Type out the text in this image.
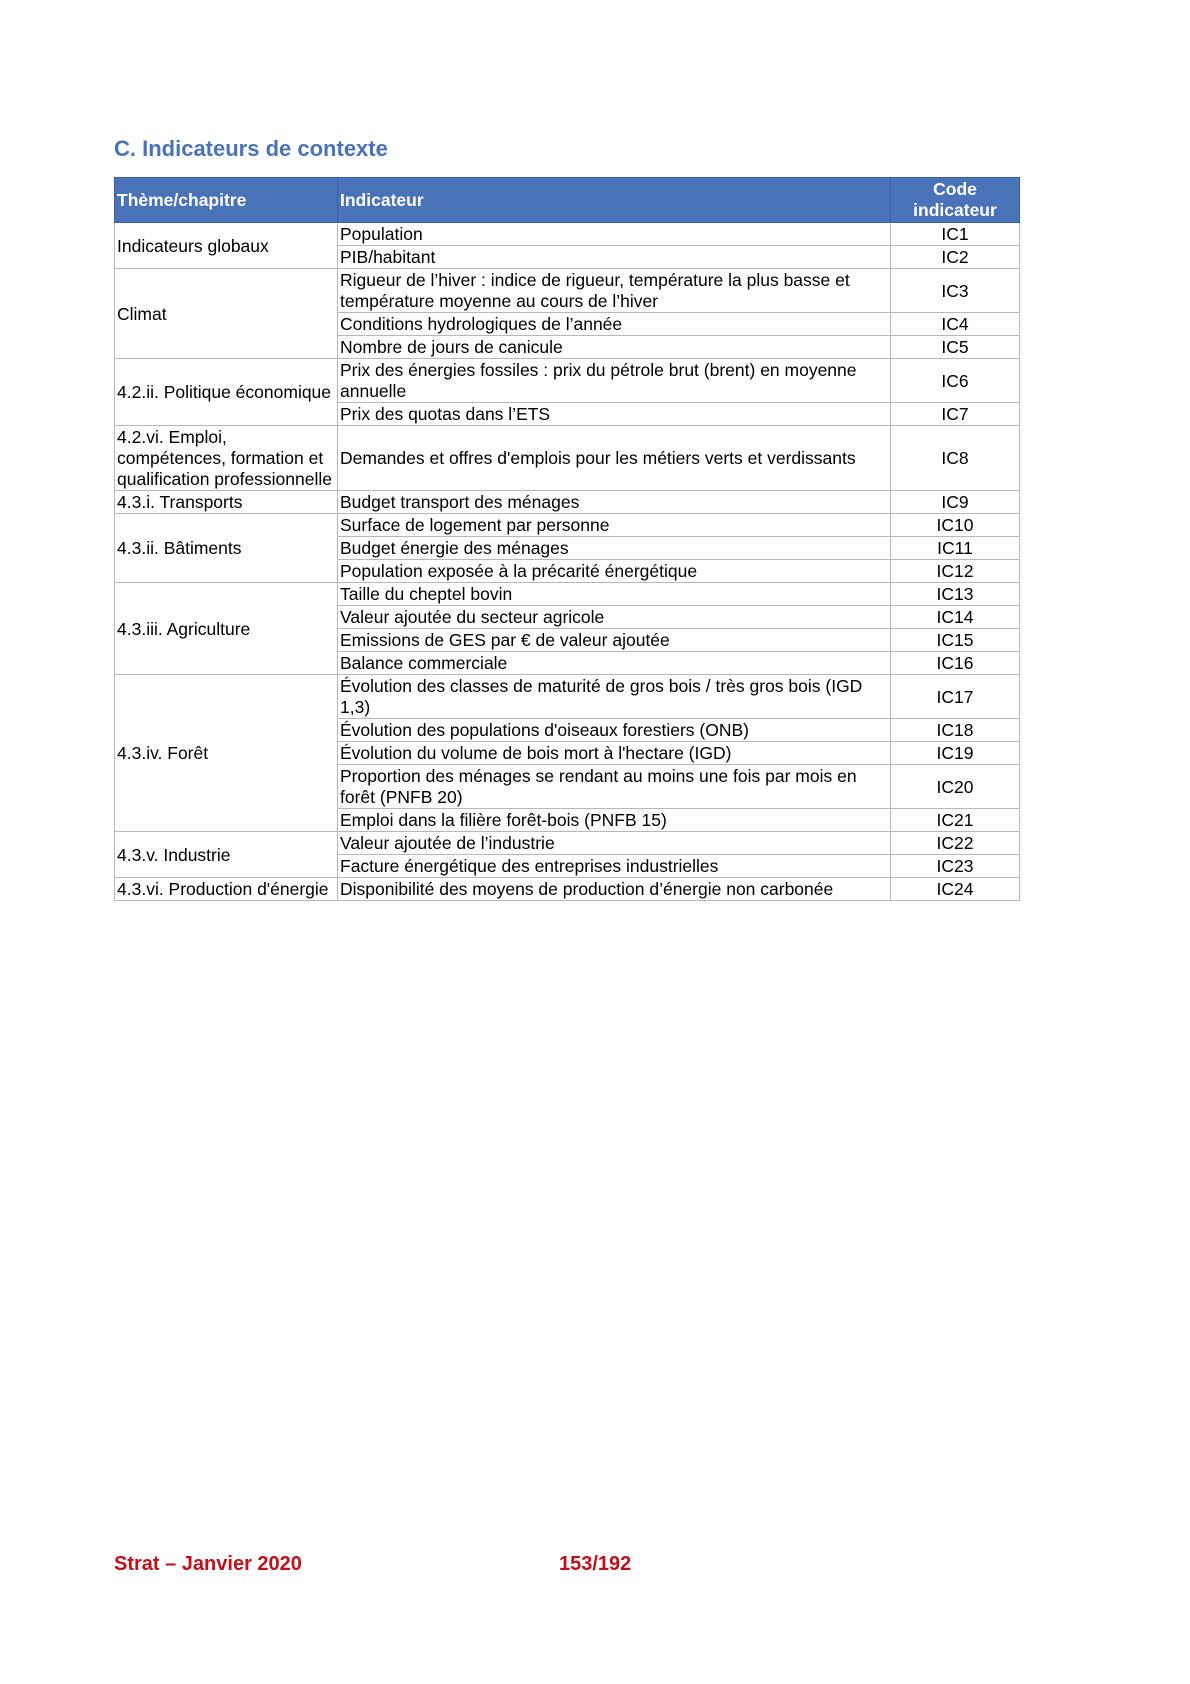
C. Indicateurs de contexte
Thème/chapitre	Indicateur	Code indicateur
Indicateurs globaux	Population	IC1
	PIB/habitant	IC2
Climat	Rigueur de l’hiver : indice de rigueur, température la plus basse et température moyenne au cours de l’hiver	IC3
	Conditions hydrologiques de l’année	IC4
	Nombre de jours de canicule	IC5
4.2.ii. Politique économique	Prix des énergies fossiles : prix du pétrole brut (brent) en moyenne annuelle	IC6
	Prix des quotas dans l’ETS	IC7
4.2.vi. Emploi, compétences, formation et qualification professionnelle	Demandes et offres d'emplois pour les métiers verts et verdissants	IC8
4.3.i. Transports	Budget transport des ménages	IC9
4.3.ii. Bâtiments	Surface de logement par personne	IC10
	Budget énergie des ménages	IC11
	Population exposée à la précarité énergétique	IC12
4.3.iii. Agriculture	Taille du cheptel bovin	IC13
	Valeur ajoutée du secteur agricole	IC14
	Emissions de GES par € de valeur ajoutée	IC15
	Balance commerciale	IC16
4.3.iv. Forêt	Évolution des classes de maturité de gros bois / très gros bois (IGD 1,3)	IC17
	Évolution des populations d'oiseaux forestiers (ONB)	IC18
	Évolution du volume de bois mort à l'hectare (IGD)	IC19
	Proportion des ménages se rendant au moins une fois par mois en forêt (PNFB 20)	IC20
	Emploi dans la filière forêt-bois (PNFB 15)	IC21
4.3.v. Industrie	Valeur ajoutée de l’industrie	IC22
	Facture énergétique des entreprises industrielles	IC23
4.3.vi. Production d'énergie	Disponibilité des moyens de production d’énergie non carbonée	IC24
Strat – Janvier 2020	153/192
